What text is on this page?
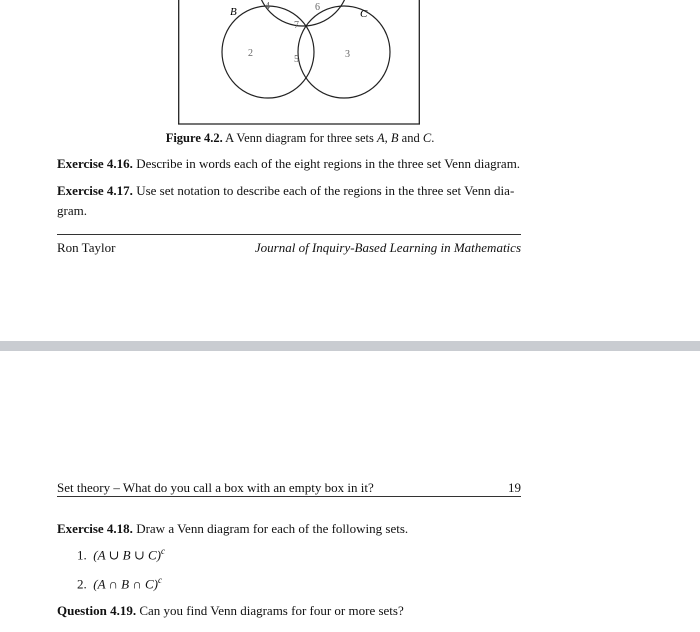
B	C
4	6
7
2
5	3
Figure 4.2. A Venn diagram for three sets A, B and C.
Exercise 4.16. Describe in words each of the eight regions in the three set Venn diagram.
Exercise 4.17. Use set notation to describe each of the regions in the three set Venn dia-
gram.
Ron Taylor	Journal of Inquiry-Based Learning in Mathematics
Set theory – What do you call a box with an empty box in it?	19
Exercise 4.18. Draw a Venn diagram for each of the following sets.
1. (A ∪ B ∪ C)$^c$
2. (A ∩ B ∩ C)$^c$
Question 4.19. Can you find Venn diagrams for four or more sets?
